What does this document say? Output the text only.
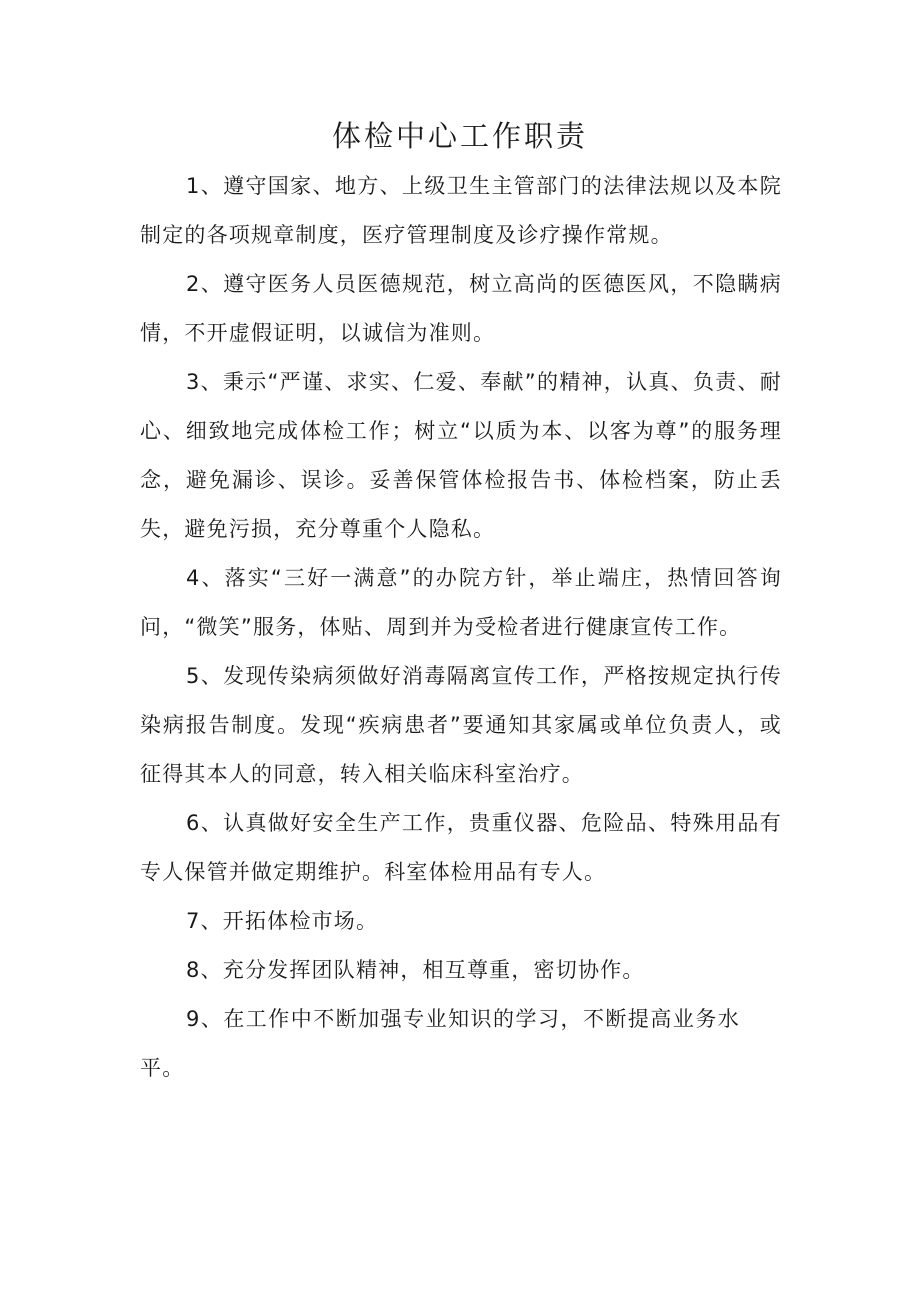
体检中心工作职责

1、遵守国家、地方、上级卫生主管部门的法律法规以及本院制定的各项规章制度，医疗管理制度及诊疗操作常规。

2、遵守医务人员医德规范，树立高尚的医德医风，不隐瞒病情，不开虚假证明，以诚信为准则。

3、秉示“严谨、求实、仁爱、奉献”的精神，认真、负责、耐心、细致地完成体检工作；树立“以质为本、以客为尊”的服务理念，避免漏诊、误诊。妥善保管体检报告书、体检档案，防止丢失，避免污损，充分尊重个人隐私。

4、落实“三好一满意”的办院方针，举止端庄，热情回答询问，“微笑”服务，体贴、周到并为受检者进行健康宣传工作。

5、发现传染病须做好消毒隔离宣传工作，严格按规定执行传染病报告制度。发现“疾病患者”要通知其家属或单位负责人，或征得其本人的同意，转入相关临床科室治疗。

6、认真做好安全生产工作，贵重仪器、危险品、特殊用品有专人保管并做定期维护。科室体检用品有专人。

7、开拓体检市场。

8、充分发挥团队精神，相互尊重，密切协作。

9、在工作中不断加强专业知识的学习，不断提高业务水平。
